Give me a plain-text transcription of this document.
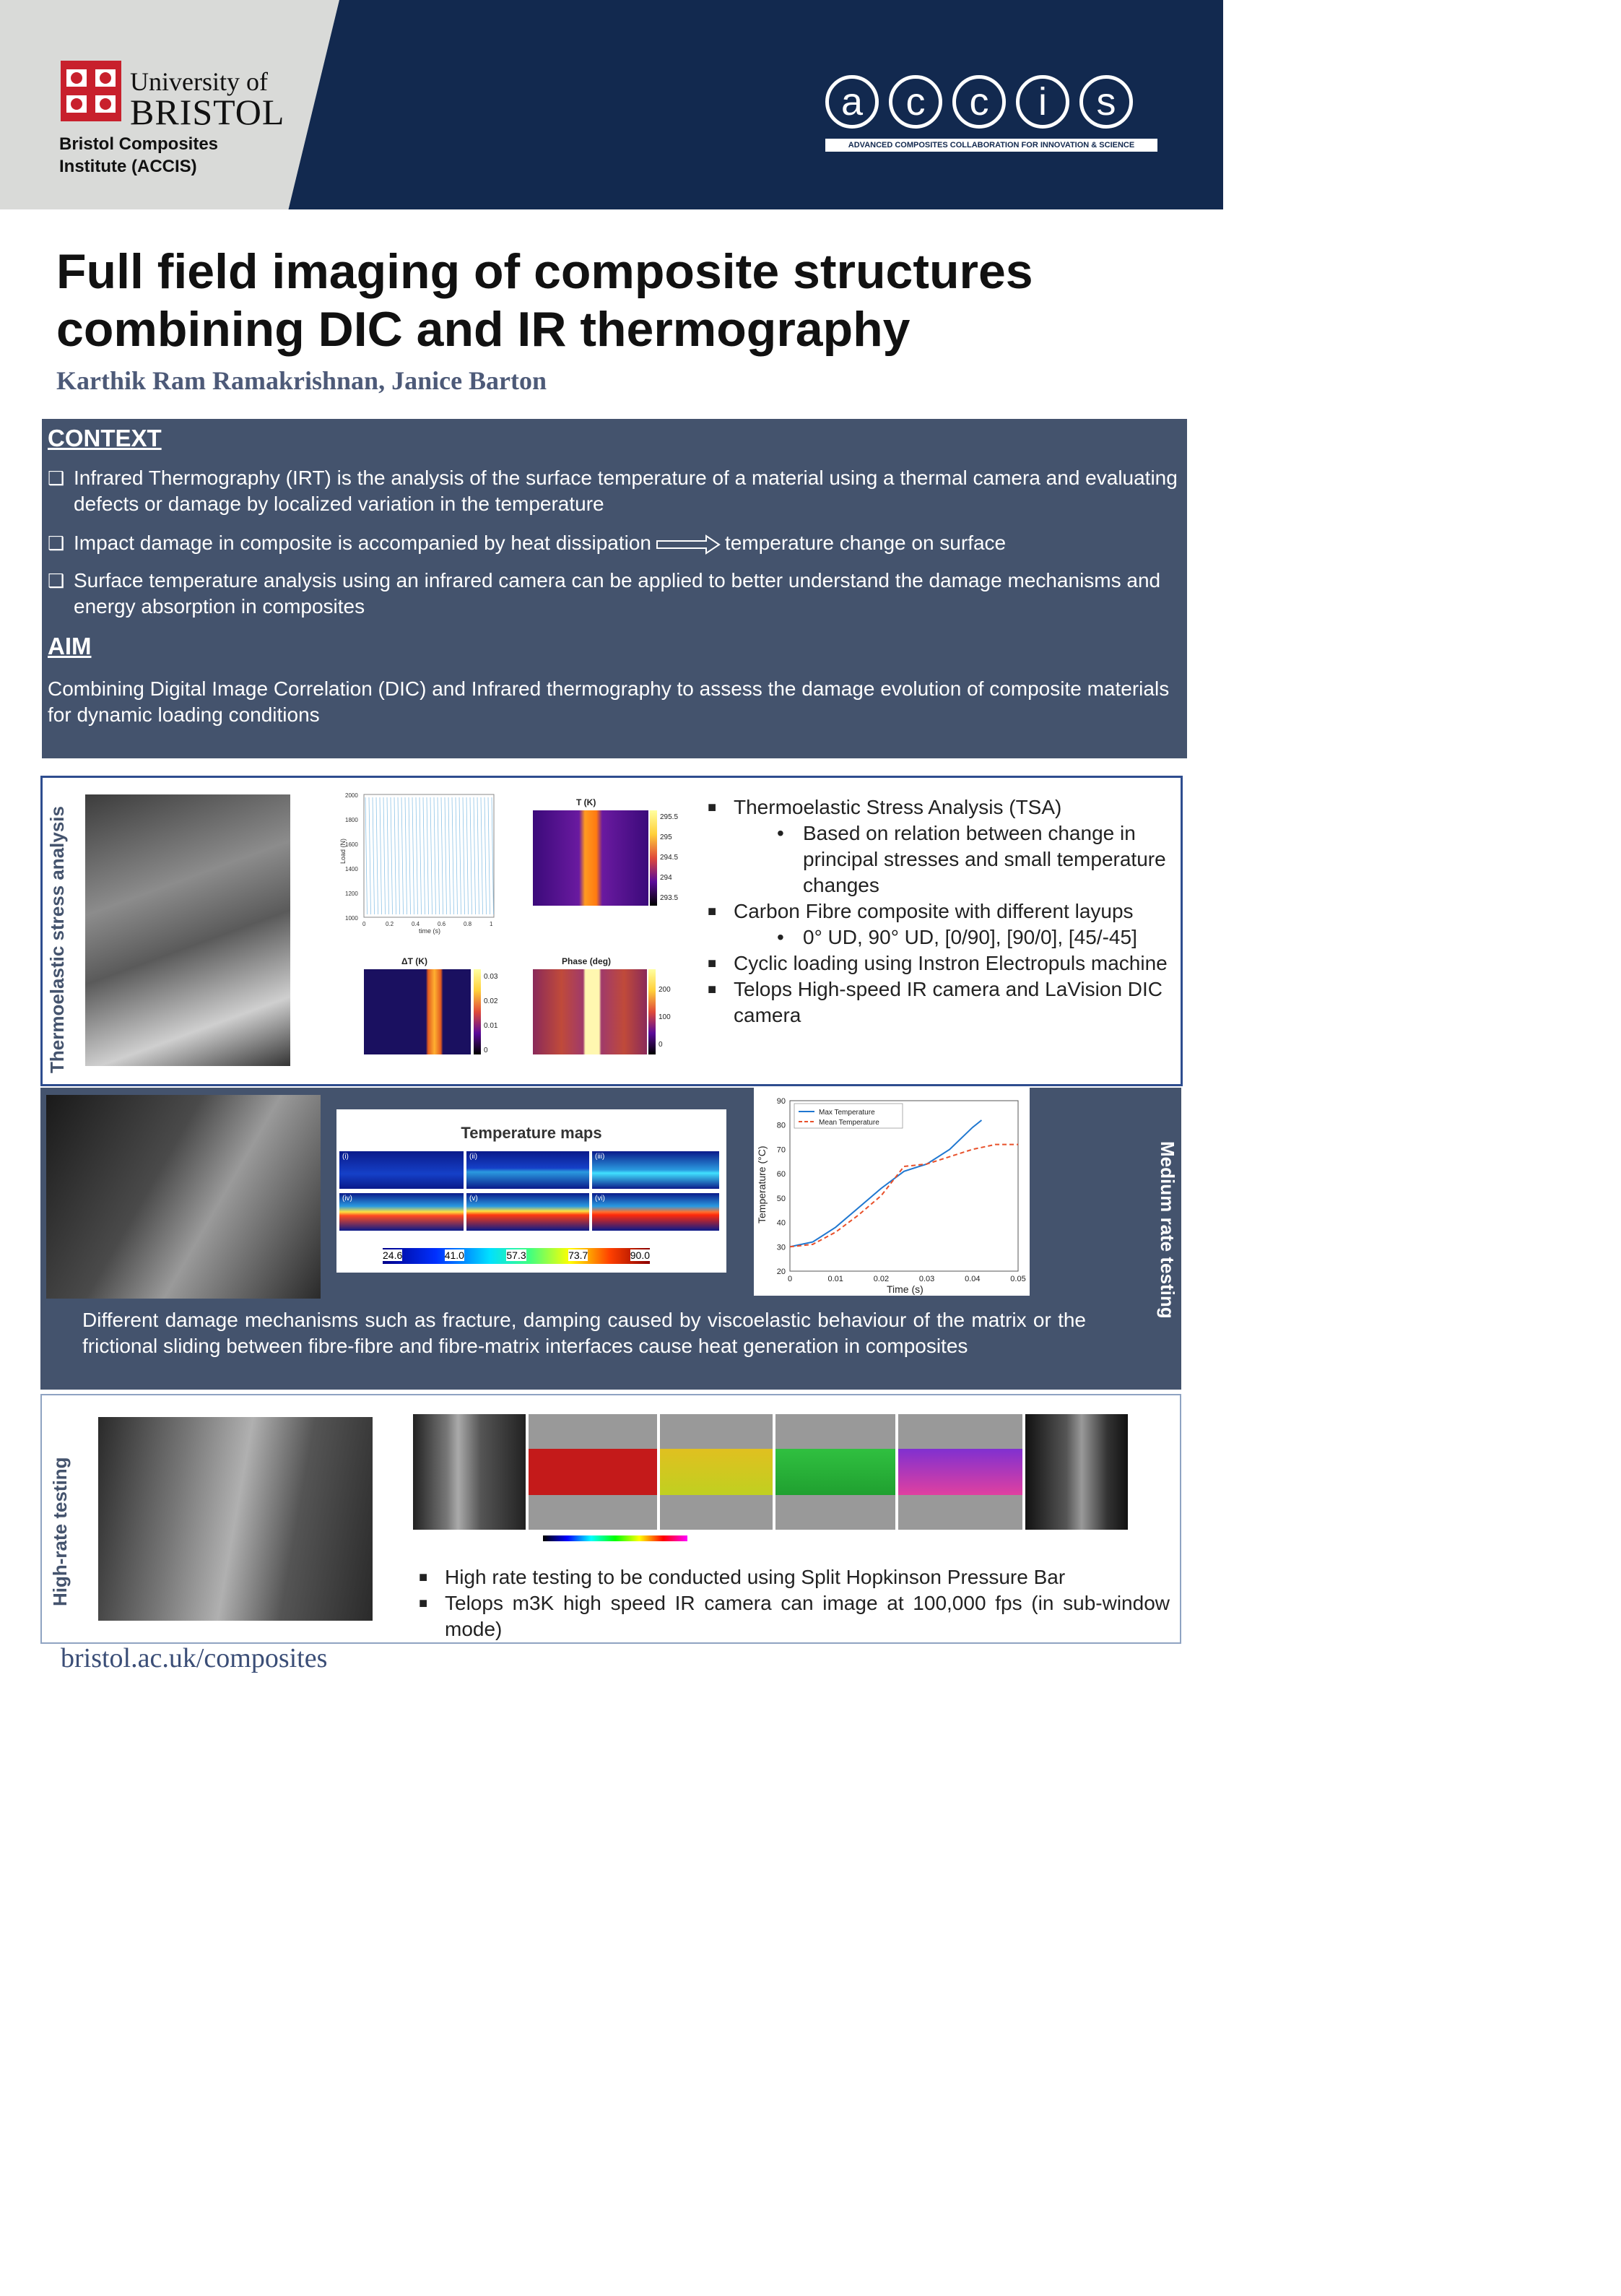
University of
BRISTOL
Bristol Composites Institute (ACCIS)
a	c	c	i	s
ADVANCED COMPOSITES COLLABORATION FOR INNOVATION & SCIENCE
Full field imaging of composite structures combining DIC and IR thermography
Karthik Ram Ramakrishnan, Janice Barton
CONTEXT
❑ Infrared Thermography (IRT) is the analysis of the surface temperature of a material using a thermal camera and evaluating defects or damage by localized variation in the temperature
❑ Impact damage in composite is accompanied by heat dissipation	temperature change on surface
❑ Surface temperature analysis using an infrared camera can be applied to better understand the damage mechanisms and energy absorption in composites
AIM
Combining Digital Image Correlation (DIC) and Infrared thermography to assess the damage evolution of composite materials for dynamic loading conditions
Thermoelastic stress analysis	Load (N)
time (s)
2000
1800
1600
1400
1200
1000
0	0.2	0.4	0.6	0.8	1
T (K)
295.5
295
294.5
294
293.5
ΔT (K)
0.03
0.02
0.01
0
Phase (deg)
200
100
0
■ Thermoelastic Stress Analysis (TSA)
• Based on relation between change in principal stresses and small temperature changes
■ Carbon Fibre composite with different layups
• 0° UD, 90° UD, [0/90], [90/0], [45/-45]
■ Cyclic loading using Instron Electropuls machine
■ Telops High-speed IR camera and LaVision DIC camera
Temperature maps
(i)	(ii)	(iii)
(iv)	(v)	(vi)
24.6	41.0	57.3	73.7	90.0
20
30
40
50
60
70
80
90
0	0.01	0.02	0.03	0.04	0.05
Max Temperature
Mean Temperature
Time (s)
Temperature (°C)	Medium rate testing
Different damage mechanisms such as fracture, damping caused by viscoelastic behaviour of the matrix or the frictional sliding between fibre-fibre and fibre-matrix interfaces cause heat generation in composites
High-rate testing	■ High rate testing to be conducted using Split Hopkinson Pressure Bar
■ Telops m3K high speed IR camera can image at 100,000 fps (in sub-window mode)
bristol.ac.uk/composites
